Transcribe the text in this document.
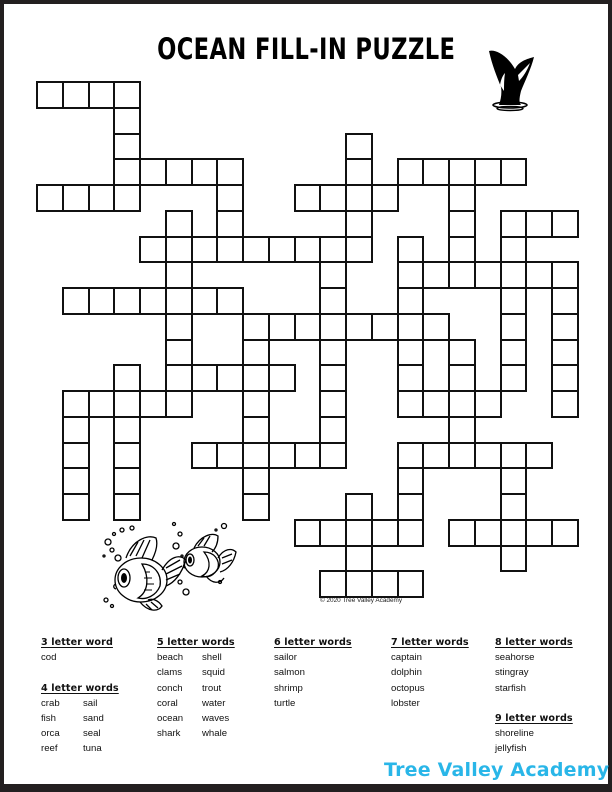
OCEAN FILL-IN PUZZLE
© 2020 Tree Valley Academy
3 letter word
cod
4 letter words
crab	sail
fish	sand
orca	seal
reef	tuna
5 letter words
beach	shell
clams	squid
conch	trout
coral	water
ocean	waves
shark	whale
6 letter words
sailor
salmon
shrimp
turtle
7 letter words
captain
dolphin
octopus
lobster
8 letter words
seahorse
stingray
starfish
9 letter words
shoreline
jellyfish
Tree Valley Academy
